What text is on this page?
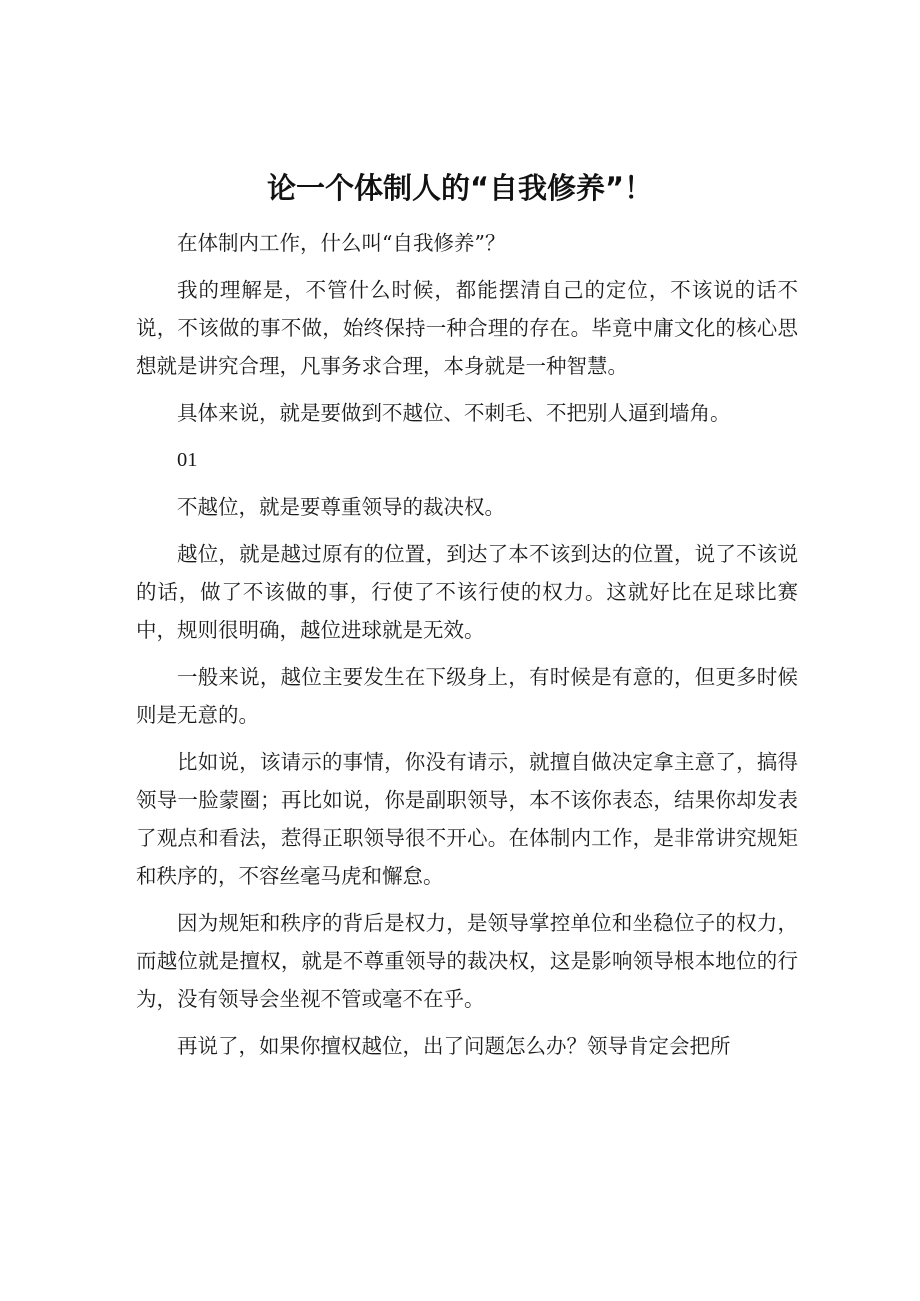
论一个体制人的“自我修养”！

在体制内工作，什么叫“自我修养”？

我的理解是，不管什么时候，都能摆清自己的定位，不该说的话不说，不该做的事不做，始终保持一种合理的存在。毕竟中庸文化的核心思想就是讲究合理，凡事务求合理，本身就是一种智慧。

具体来说，就是要做到不越位、不刺毛、不把别人逼到墙角。

01

不越位，就是要尊重领导的裁决权。

越位，就是越过原有的位置，到达了本不该到达的位置，说了不该说的话，做了不该做的事，行使了不该行使的权力。这就好比在足球比赛中，规则很明确，越位进球就是无效。

一般来说，越位主要发生在下级身上，有时候是有意的，但更多时候则是无意的。

比如说，该请示的事情，你没有请示，就擅自做决定拿主意了，搞得领导一脸蒙圈；再比如说，你是副职领导，本不该你表态，结果你却发表了观点和看法，惹得正职领导很不开心。在体制内工作，是非常讲究规矩和秩序的，不容丝毫马虎和懈怠。

因为规矩和秩序的背后是权力，是领导掌控单位和坐稳位子的权力，而越位就是擅权，就是不尊重领导的裁决权，这是影响领导根本地位的行为，没有领导会坐视不管或毫不在乎。

再说了，如果你擅权越位，出了问题怎么办？领导肯定会把所
